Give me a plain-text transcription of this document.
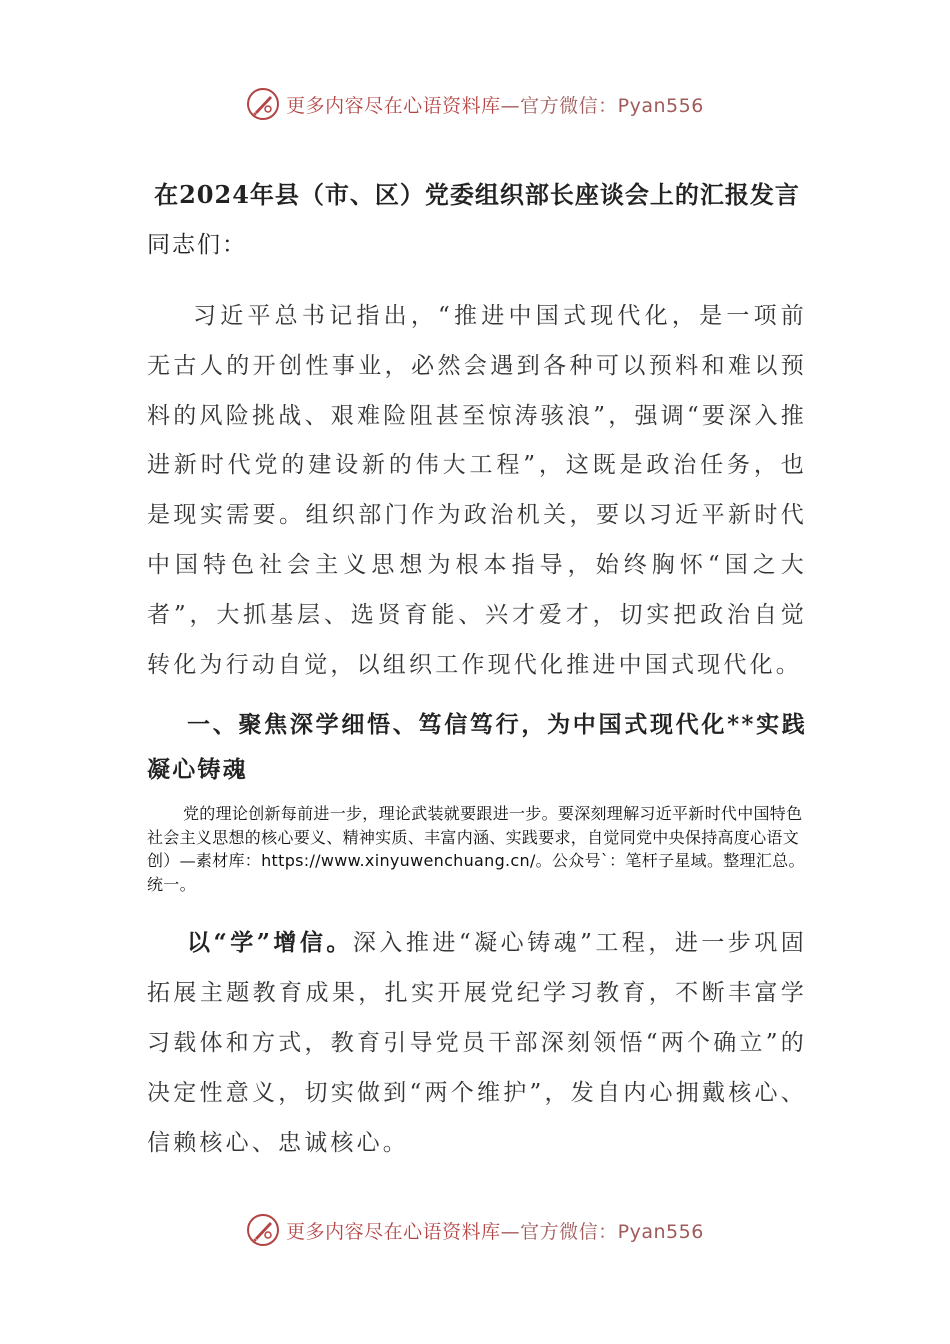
更多内容尽在心语资料库 —官方微信：Pyan556

在2024年县（市、区）党委组织部长座谈会上的汇报发言

同志们：

习近平总书记指出，“推进中国式现代化，是一项前无古人的开创性事业，必然会遇到各种可以预料和难以预料的风险挑战、艰难险阻甚至惊涛骇浪”，强调“要深入推进新时代党的建设新的伟大工程”，这既是政治任务，也是现实需要。组织部门作为政治机关，要以习近平新时代中国特色社会主义思想为根本指导，始终胸怀“国之大者”，大抓基层、选贤育能、兴才爱才，切实把政治自觉转化为行动自觉，以组织工作现代化推进中国式现代化。

一、聚焦深学细悟、笃信笃行，为中国式现代化**实践凝心铸魂

党的理论创新每前进一步，理论武装就要跟进一步。要深刻理解习近平新时代中国特色社会主义思想的核心要义、精神实质、丰富内涵、实践要求，自觉同党中央保持高度心语文创）—素材库：https://www.xinyuwenchuang.cn/。公众号`：笔杆子星域。整理汇总。统一。

以“学”增信。深入推进“凝心铸魂”工程，进一步巩固拓展主题教育成果，扎实开展党纪学习教育，不断丰富学习载体和方式，教育引导党员干部深刻领悟“两个确立”的决定性意义，切实做到“两个维护”，发自内心拥戴核心、信赖核心、忠诚核心。

更多内容尽在心语资料库 —官方微信：Pyan556
